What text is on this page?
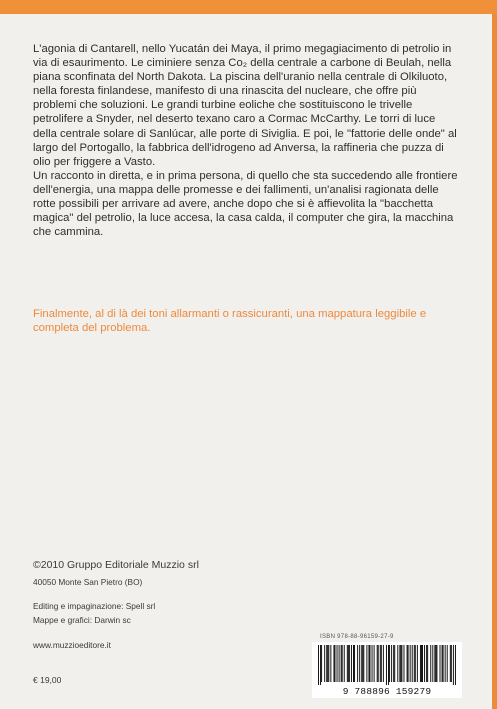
L'agonia di Cantarell, nello Yucatán dei Maya, il primo megagiacimento di petrolio in via di esaurimento. Le ciminiere senza Co₂ della centrale a carbone di Beulah, nella piana sconfinata del North Dakota. La piscina dell'uranio nella centrale di Olkiluoto, nella foresta finlandese, manifesto di una rinascita del nucleare, che offre più problemi che soluzioni. Le grandi turbine eoliche che sostituiscono le trivelle petrolifere a Snyder, nel deserto texano caro a Cormac McCarthy. Le torri di luce della centrale solare di Sanlúcar, alle porte di Siviglia. E poi, le "fattorie delle onde" al largo del Portogallo, la fabbrica dell'idrogeno ad Anversa, la raffineria che puzza di olio per friggere a Vasto.

Un racconto in diretta, e in prima persona, di quello che sta succedendo alle frontiere dell'energia, una mappa delle promesse e dei fallimenti, un'analisi ragionata delle rotte possibili per arrivare ad avere, anche dopo che si è affievolita la "bacchetta magica" del petrolio, la luce accesa, la casa calda, il computer che gira, la macchina che cammina.

Finalmente, al di là dei toni allarmanti o rassicuranti, una mappatura leggibile e completa del problema.
©2010 Gruppo Editoriale Muzzio srl
40050 Monte San Pietro (BO)
Editing e impaginazione: Spell srl
Mappe e grafici: Darwin sc
www.muzzioeditore.it
€ 19,00
ISBN 978-88-96159-27-9
9 788896 159279
